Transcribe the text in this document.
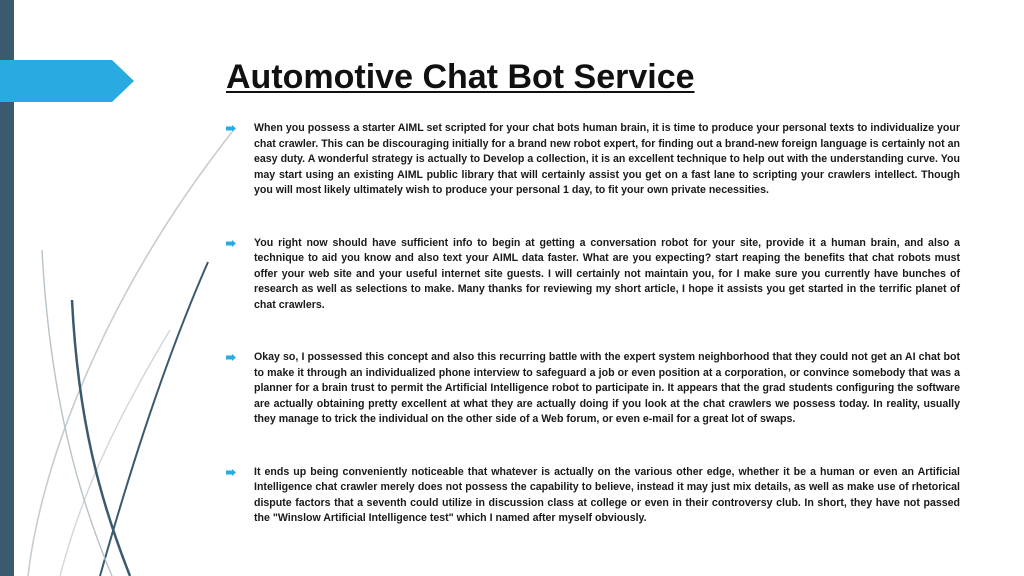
Automotive Chat Bot Service
When you possess a starter AIML set scripted for your chat bots human brain, it is time to produce your personal texts to individualize your chat crawler. This can be discouraging initially for a brand new robot expert, for finding out a brand-new foreign language is certainly not an easy duty. A wonderful strategy is actually to Develop a collection, it is an excellent technique to help out with the understanding curve. You may start using an existing AIML public library that will certainly assist you get on a fast lane to scripting your crawlers intellect. Though you will most likely ultimately wish to produce your personal 1 day, to fit your own private necessities.
You right now should have sufficient info to begin at getting a conversation robot for your site, provide it a human brain, and also a technique to aid you know and also text your AIML data faster. What are you expecting? start reaping the benefits that chat robots must offer your web site and your useful internet site guests. I will certainly not maintain you, for I make sure you currently have bunches of research as well as selections to make. Many thanks for reviewing my short article, I hope it assists you get started in the terrific planet of chat crawlers.
Okay so, I possessed this concept and also this recurring battle with the expert system neighborhood that they could not get an AI chat bot to make it through an individualized phone interview to safeguard a job or even position at a corporation, or convince somebody that was a planner for a brain trust to permit the Artificial Intelligence robot to participate in. It appears that the grad students configuring the software are actually obtaining pretty excellent at what they are actually doing if you look at the chat crawlers we possess today. In reality, usually they manage to trick the individual on the other side of a Web forum, or even e-mail for a great lot of swaps.
It ends up being conveniently noticeable that whatever is actually on the various other edge, whether it be a human or even an Artificial Intelligence chat crawler merely does not possess the capability to believe, instead it may just mix details, as well as make use of rhetorical dispute factors that a seventh could utilize in discussion class at college or even in their controversy club. In short, they have not passed the "Winslow Artificial Intelligence test" which I named after myself obviously.
